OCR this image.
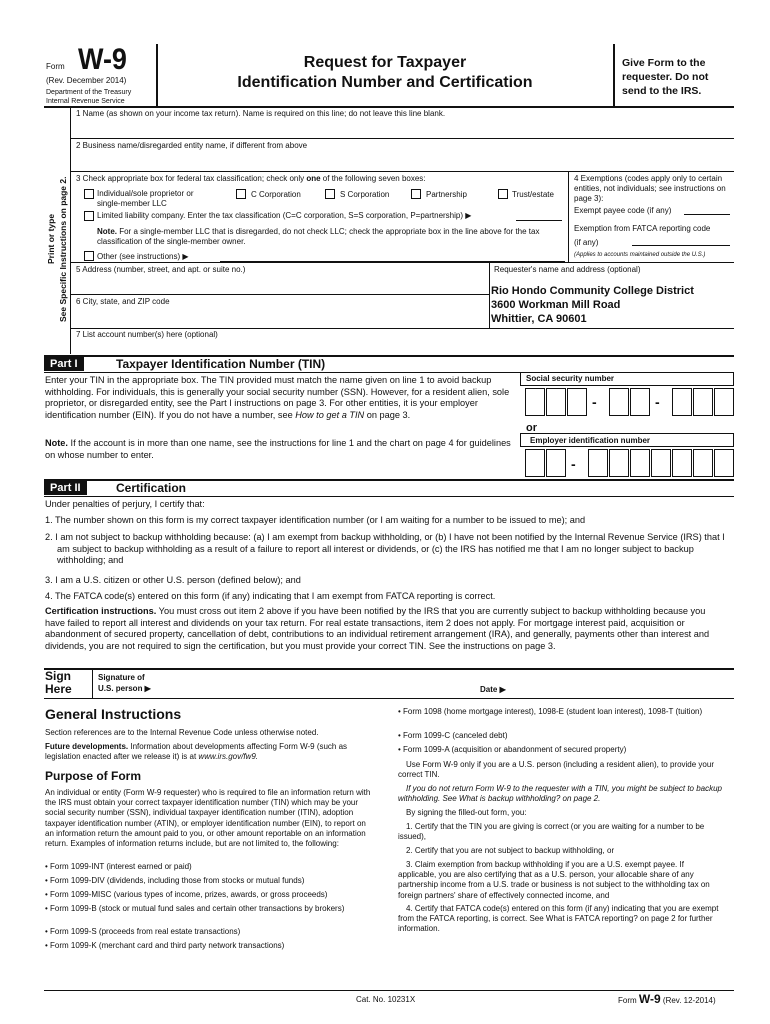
Form W-9
(Rev. December 2014)
Department of the Treasury
Internal Revenue Service
Request for Taxpayer
Identification Number and Certification
Give Form to the requester. Do not send to the IRS.
Print or type See Specific Instructions on page 2.
1 Name (as shown on your income tax return). Name is required on this line; do not leave this line blank.
2 Business name/disregarded entity name, if different from above
3 Check appropriate box for federal tax classification; check only one of the following seven boxes:
Individual/sole proprietor or single-member LLC
C Corporation	S Corporation	Partnership	Trust/estate
Limited liability company. Enter the tax classification (C=C corporation, S=S corporation, P=partnership) ▶
Note. For a single-member LLC that is disregarded, do not check LLC; check the appropriate box in the line above for the tax classification of the single-member owner.
Other (see instructions) ▶
4 Exemptions (codes apply only to certain entities, not individuals; see instructions on page 3):
Exempt payee code (if any)
Exemption from FATCA reporting code (if any)
(Applies to accounts maintained outside the U.S.)
5 Address (number, street, and apt. or suite no.)	Requester's name and address (optional)
6 City, state, and ZIP code
Rio Hondo Community College District
3600 Workman Mill Road
Whittier, CA 90601
7 List account number(s) here (optional)
Part I	Taxpayer Identification Number (TIN)
Enter your TIN in the appropriate box. The TIN provided must match the name given on line 1 to avoid backup withholding. For individuals, this is generally your social security number (SSN). However, for a resident alien, sole proprietor, or disregarded entity, see the Part I instructions on page 3. For other entities, it is your employer identification number (EIN). If you do not have a number, see How to get a TIN on page 3.
Note. If the account is in more than one name, see the instructions for line 1 and the chart on page 4 for guidelines on whose number to enter.
Social security number
-	-
or
Employer identification number
-
Part II	Certification
Under penalties of perjury, I certify that:
1. The number shown on this form is my correct taxpayer identification number (or I am waiting for a number to be issued to me); and
2. I am not subject to backup withholding because: (a) I am exempt from backup withholding, or (b) I have not been notified by the Internal Revenue Service (IRS) that I am subject to backup withholding as a result of a failure to report all interest or dividends, or (c) the IRS has notified me that I am no longer subject to backup withholding; and
3. I am a U.S. citizen or other U.S. person (defined below); and
4. The FATCA code(s) entered on this form (if any) indicating that I am exempt from FATCA reporting is correct.
Certification instructions. You must cross out item 2 above if you have been notified by the IRS that you are currently subject to backup withholding because you have failed to report all interest and dividends on your tax return. For real estate transactions, item 2 does not apply. For mortgage interest paid, acquisition or abandonment of secured property, cancellation of debt, contributions to an individual retirement arrangement (IRA), and generally, payments other than interest and dividends, you are not required to sign the certification, but you must provide your correct TIN. See the instructions on page 3.
Sign
Here
Signature of
U.S. person ▶	Date ▶
General Instructions

Section references are to the Internal Revenue Code unless otherwise noted.

Future developments. Information about developments affecting Form W-9 (such as legislation enacted after we release it) is at www.irs.gov/fw9.

Purpose of Form

An individual or entity (Form W-9 requester) who is required to file an information return with the IRS must obtain your correct taxpayer identification number (TIN) which may be your social security number (SSN), individual taxpayer identification number (ITIN), adoption taxpayer identification number (ATIN), or employer identification number (EIN), to report on an information return the amount paid to you, or other amount reportable on an information return. Examples of information returns include, but are not limited to, the following:

• Form 1099-INT (interest earned or paid)

• Form 1099-DIV (dividends, including those from stocks or mutual funds)

• Form 1099-MISC (various types of income, prizes, awards, or gross proceeds)

• Form 1099-B (stock or mutual fund sales and certain other transactions by brokers)

• Form 1099-S (proceeds from real estate transactions)

• Form 1099-K (merchant card and third party network transactions)

• Form 1098 (home mortgage interest), 1098-E (student loan interest), 1098-T (tuition)

• Form 1099-C (canceled debt)

• Form 1099-A (acquisition or abandonment of secured property)

Use Form W-9 only if you are a U.S. person (including a resident alien), to provide your correct TIN.

If you do not return Form W-9 to the requester with a TIN, you might be subject to backup withholding. See What is backup withholding? on page 2.

By signing the filled-out form, you:

1. Certify that the TIN you are giving is correct (or you are waiting for a number to be issued),

2. Certify that you are not subject to backup withholding, or

3. Claim exemption from backup withholding if you are a U.S. exempt payee. If applicable, you are also certifying that as a U.S. person, your allocable share of any partnership income from a U.S. trade or business is not subject to the withholding tax on foreign partners' share of effectively connected income, and

4. Certify that FATCA code(s) entered on this form (if any) indicating that you are exempt from the FATCA reporting, is correct. See What is FATCA reporting? on page 2 for further information.

Cat. No. 10231X	Form W-9 (Rev. 12-2014)
